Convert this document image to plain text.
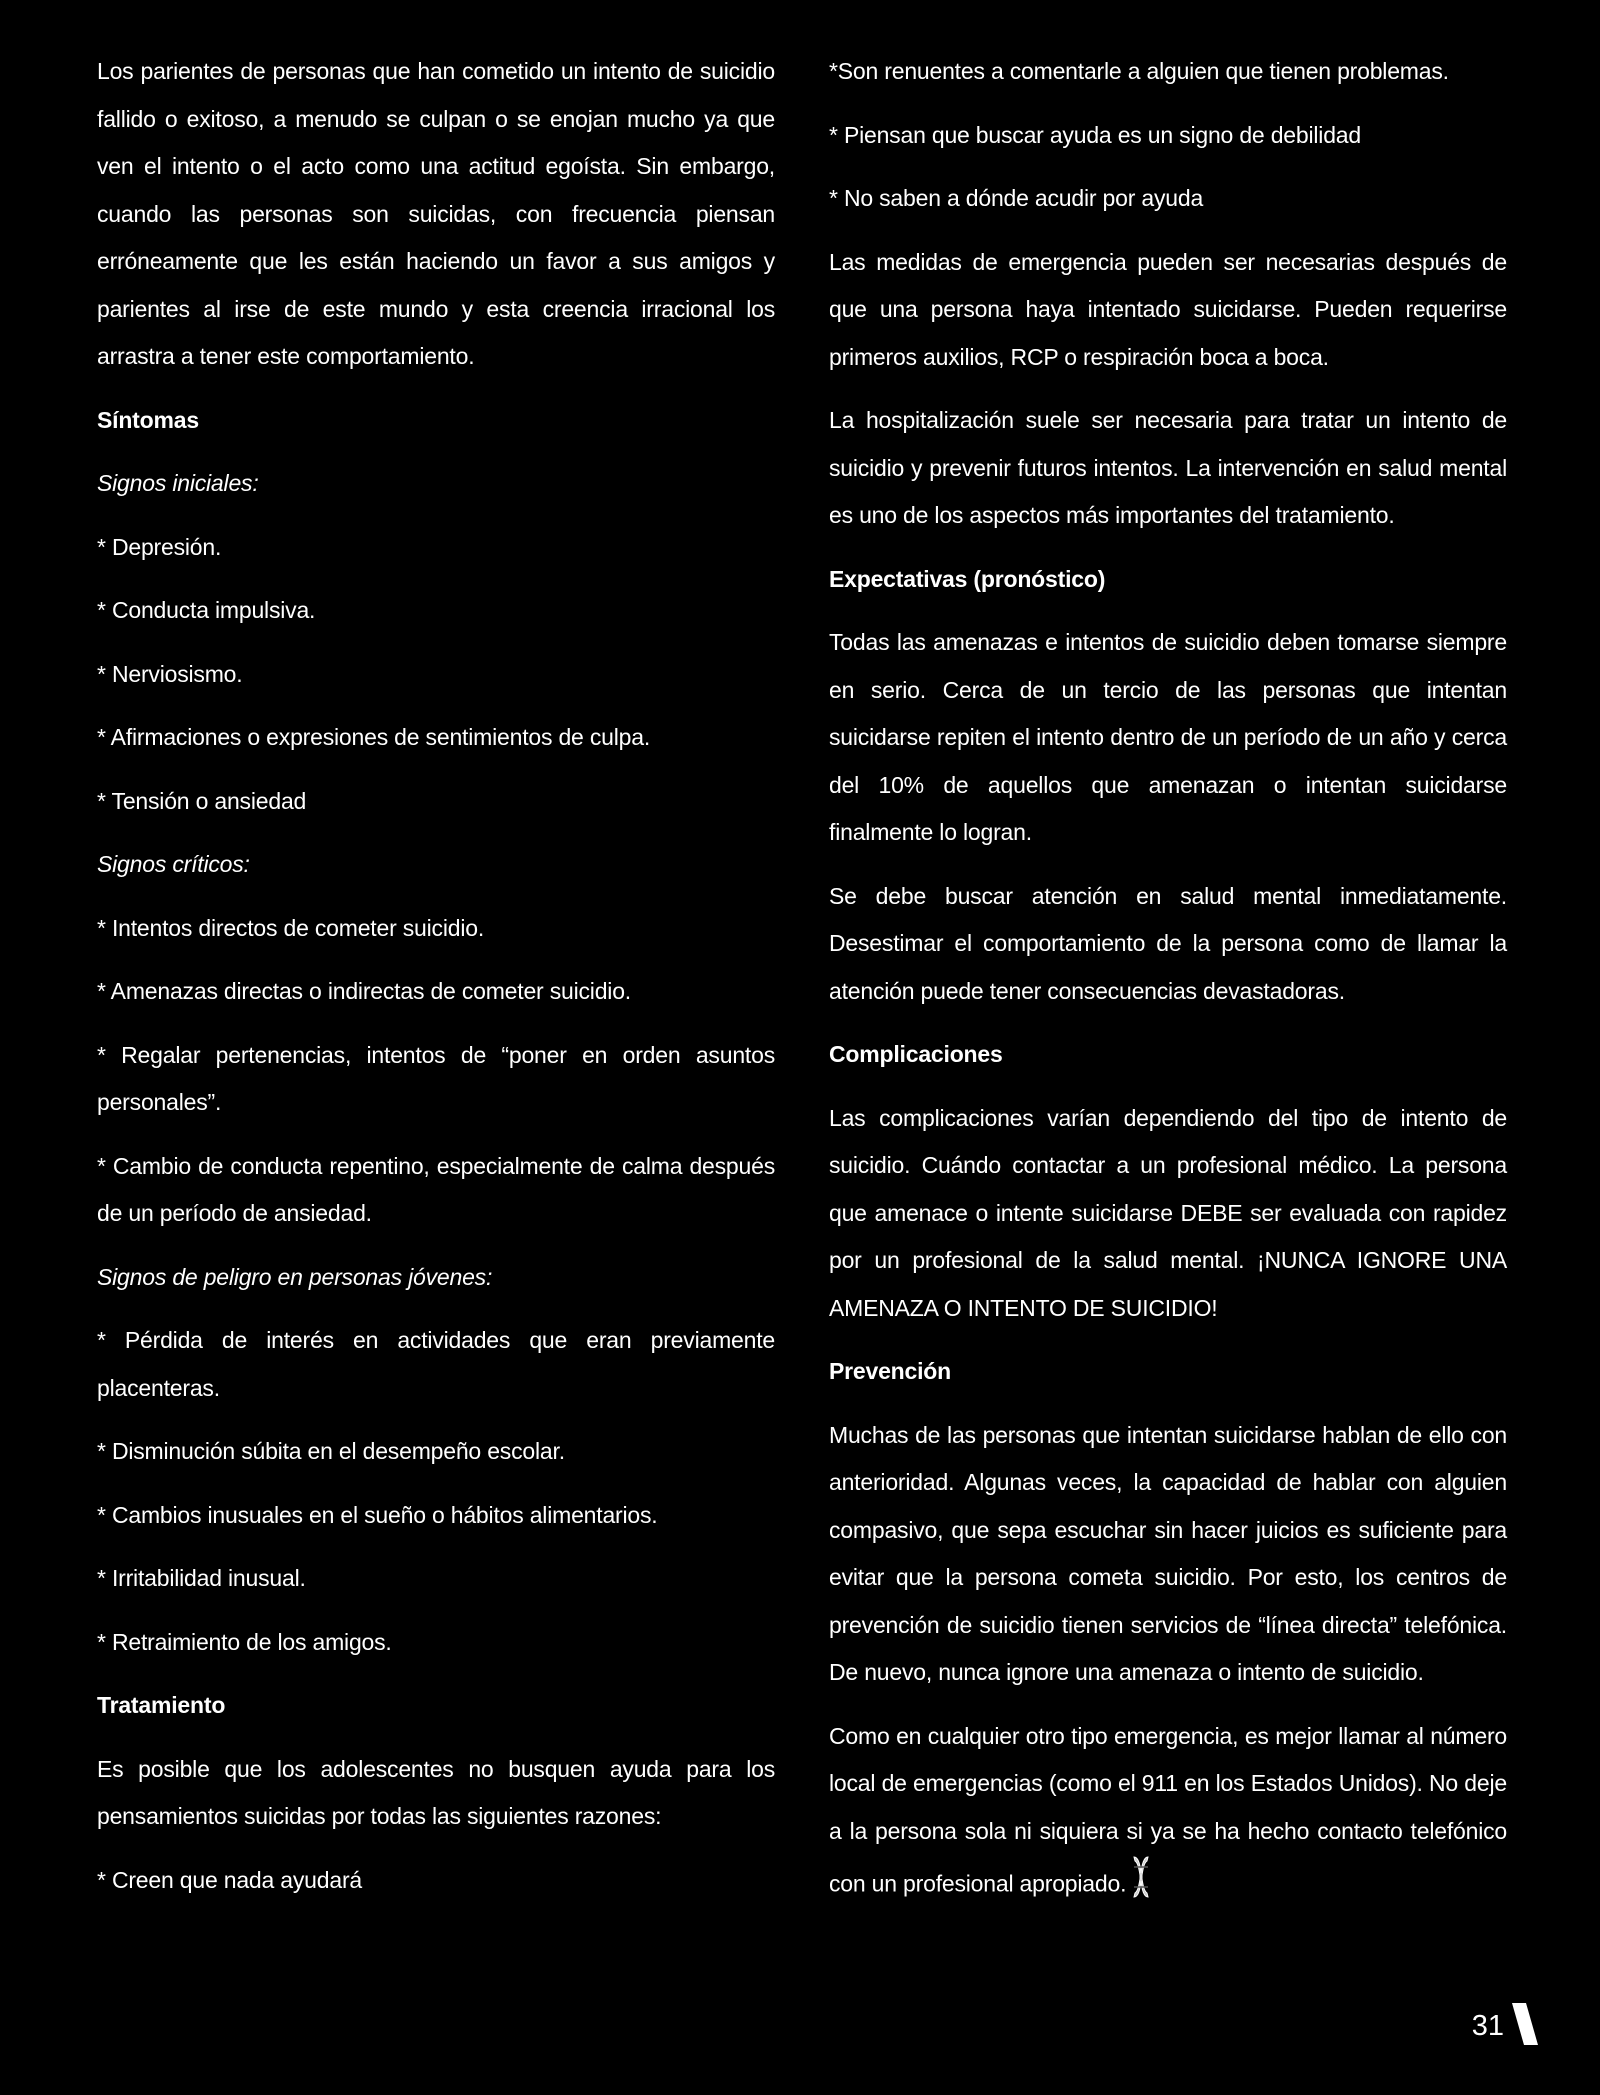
Los parientes de personas que han cometido un intento de suicidio fallido o exitoso, a menudo se culpan o se enojan mucho ya que ven el intento o el acto como una actitud egoísta. Sin embargo, cuando las personas son suicidas, con frecuencia piensan erróneamente que les están haciendo un favor a sus amigos y parientes al irse de este mundo y esta creencia irracional los arrastra a tener este comportamiento.

Síntomas

Signos iniciales:

* Depresión.

* Conducta impulsiva.

* Nerviosismo.

* Afirmaciones o expresiones de sentimientos de culpa.

* Tensión o ansiedad

Signos críticos:

* Intentos directos de cometer suicidio.

* Amenazas directas o indirectas de cometer suicidio.

* Regalar pertenencias, intentos de “poner en orden asuntos personales”.

* Cambio de conducta repentino, especialmente de calma después de un período de ansiedad.

Signos de peligro en personas jóvenes:

* Pérdida de interés en actividades que eran previamente placenteras.

* Disminución súbita en el desempeño escolar.

* Cambios inusuales en el sueño o hábitos alimentarios.

* Irritabilidad inusual.

* Retraimiento de los amigos.

Tratamiento

Es posible que los adolescentes no busquen ayuda para los pensamientos suicidas por todas las siguientes razones:

* Creen que nada ayudará

*Son renuentes a comentarle a alguien que tienen problemas.

* Piensan que buscar ayuda es un signo de debilidad

* No saben a dónde acudir por ayuda

Las medidas de emergencia pueden ser necesarias después de que una persona haya intentado suicidarse. Pueden requerirse primeros auxilios, RCP o respiración boca a boca.

La hospitalización suele ser necesaria para tratar un intento de suicidio y prevenir futuros intentos. La intervención en salud mental es uno de los aspectos más importantes del tratamiento.

Expectativas (pronóstico)

Todas las amenazas e intentos de suicidio deben tomarse siempre en serio. Cerca de un tercio de las personas que intentan suicidarse repiten el intento dentro de un período de un año y cerca del 10% de aquellos que amenazan o intentan suicidarse finalmente lo logran.

Se debe buscar atención en salud mental inmediatamente. Desestimar el comportamiento de la persona como de llamar la atención puede tener consecuencias devastadoras.

Complicaciones

Las complicaciones varían dependiendo del tipo de intento de suicidio. Cuándo contactar a un profesional médico. La persona que amenace o intente suicidarse DEBE ser evaluada con rapidez por un profesional de la salud mental. ¡NUNCA IGNORE UNA AMENAZA O INTENTO DE SUICIDIO!

Prevención

Muchas de las personas que intentan suicidarse hablan de ello con anterioridad. Algunas veces, la capacidad de hablar con alguien compasivo, que sepa escuchar sin hacer juicios es suficiente para evitar que la persona cometa suicidio. Por esto, los centros de prevención de suicidio tienen servicios de “línea directa” telefónica. De nuevo, nunca ignore una amenaza o intento de suicidio.

Como en cualquier otro tipo emergencia, es mejor llamar al número local de emergencias (como el 911 en los Estados Unidos). No deje a la persona sola ni siquiera si ya se ha hecho contacto telefónico con un profesional apropiado.

31
